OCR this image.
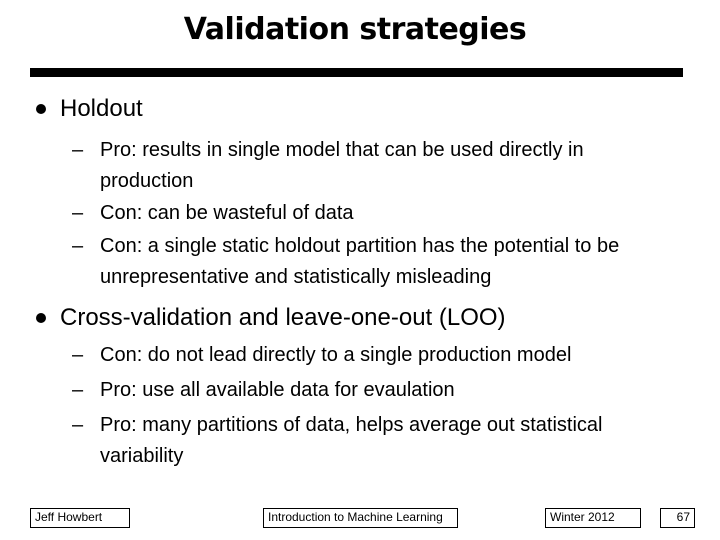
Validation strategies
Holdout
– Pro: results in single model that can be used directly in production
– Con: can be wasteful of data
– Con: a single static holdout partition has the potential to be unrepresentative and statistically misleading
Cross-validation and leave-one-out (LOO)
– Con: do not lead directly to a single production model
– Pro: use all available data for evaulation
– Pro: many partitions of data, helps average out statistical variability
Jeff Howbert	Introduction to Machine Learning	Winter 2012	67
